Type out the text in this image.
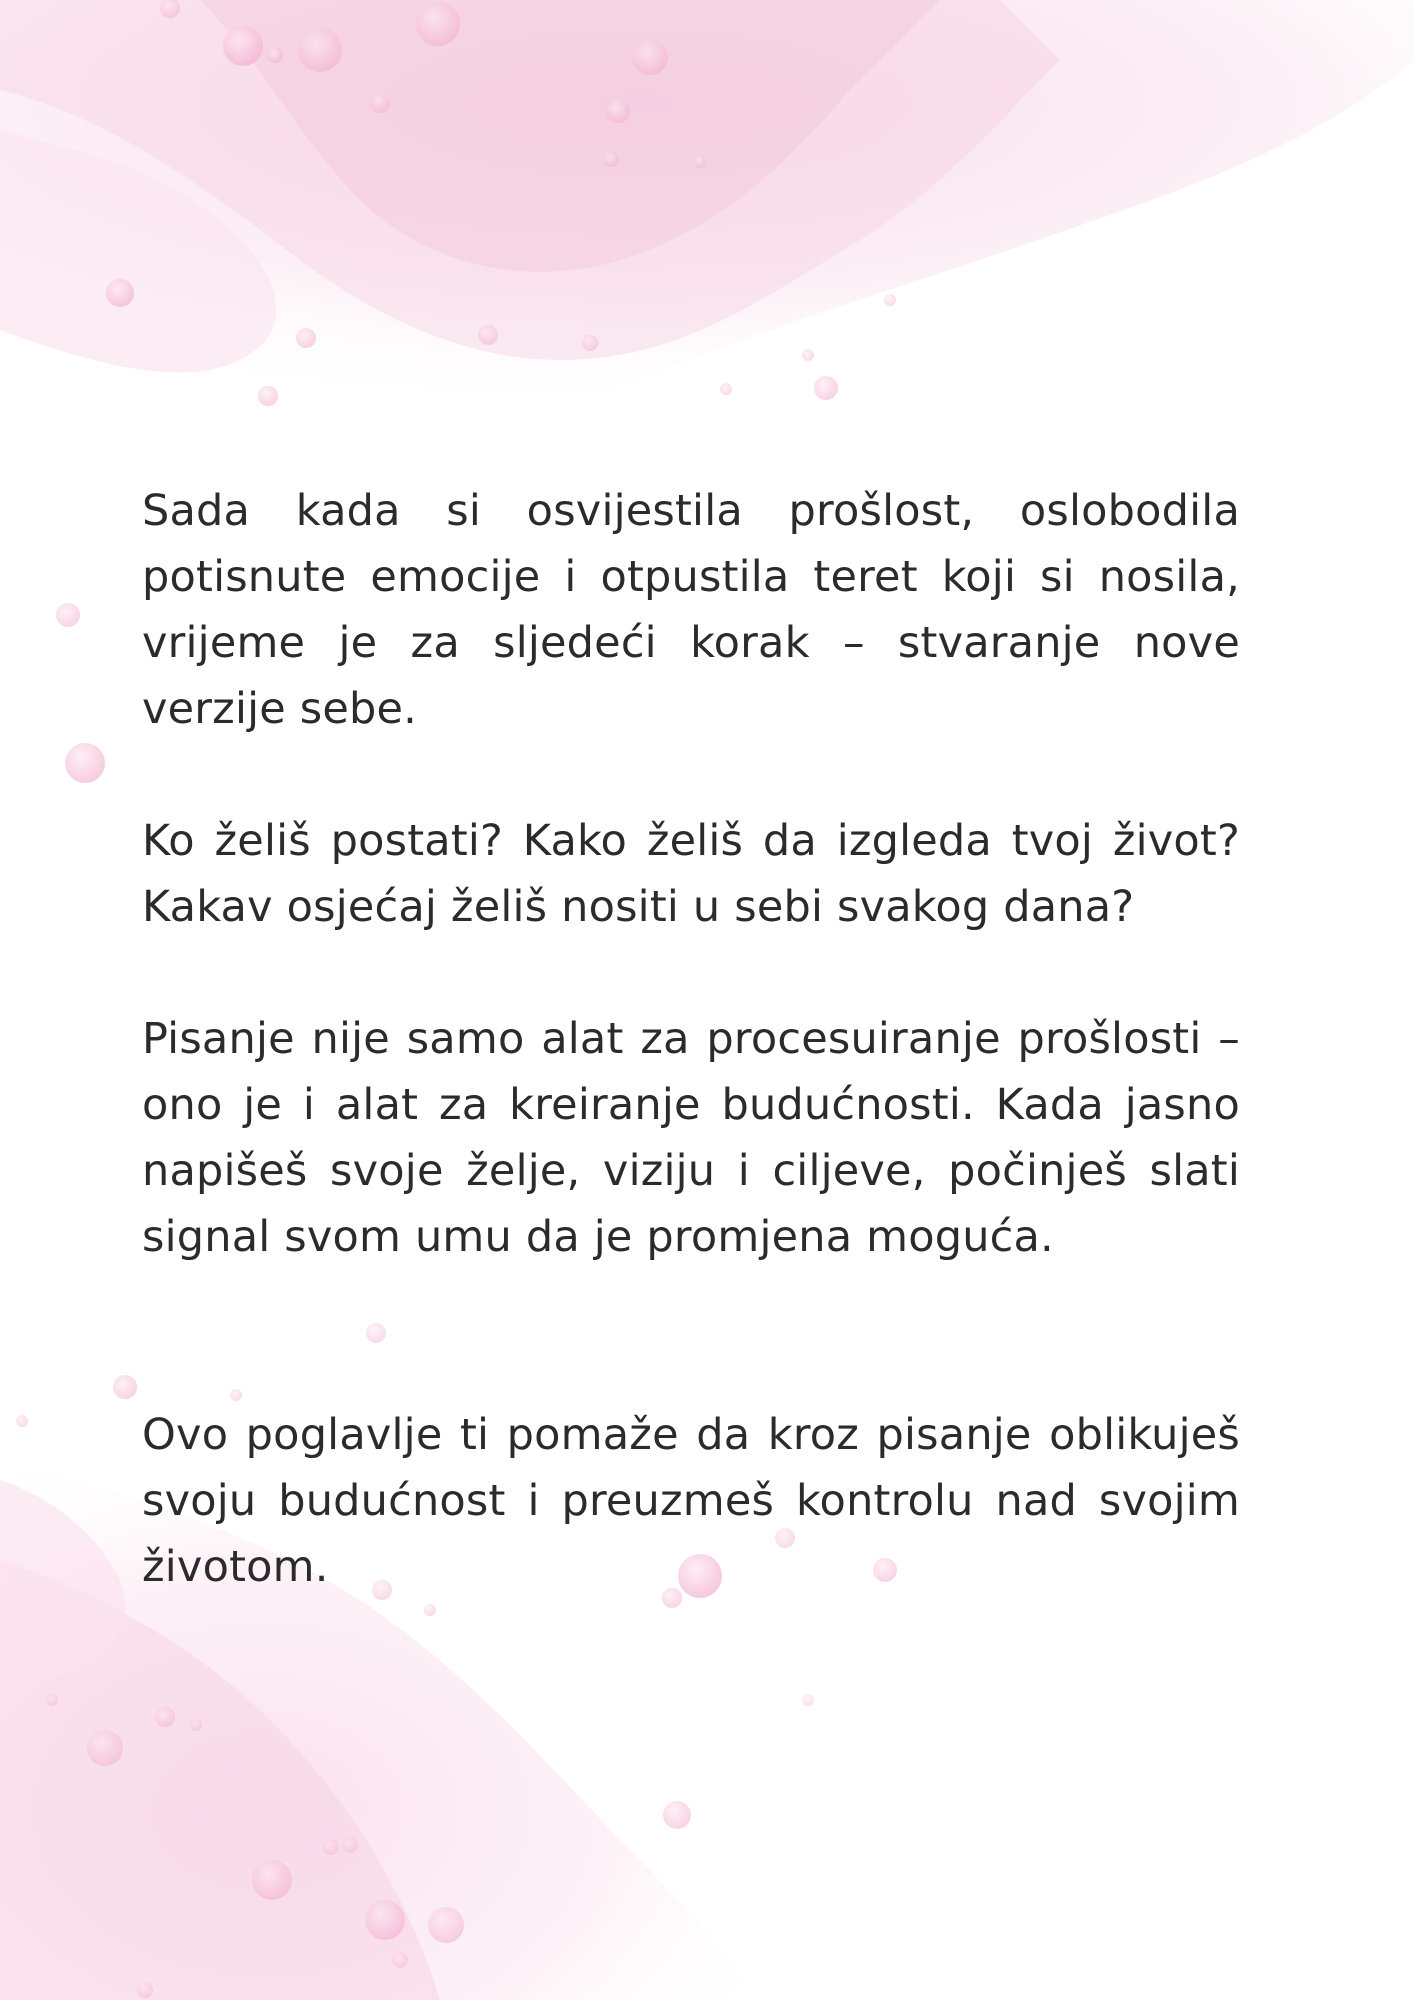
Sada kada si osvijestila prošlost, oslobodila potisnute emocije i otpustila teret koji si nosila, vrijeme je za sljedeći korak – stvaranje nove verzije sebe.

Ko želiš postati? Kako želiš da izgleda tvoj život? Kakav osjećaj želiš nositi u sebi svakog dana?

Pisanje nije samo alat za procesuiranje prošlosti – ono je i alat za kreiranje budućnosti. Kada jasno napišeš svoje želje, viziju i ciljeve, počinješ slati signal svom umu da je promjena moguća.

Ovo poglavlje ti pomaže da kroz pisanje oblikuješ svoju budućnost i preuzmeš kontrolu nad svojim životom.
